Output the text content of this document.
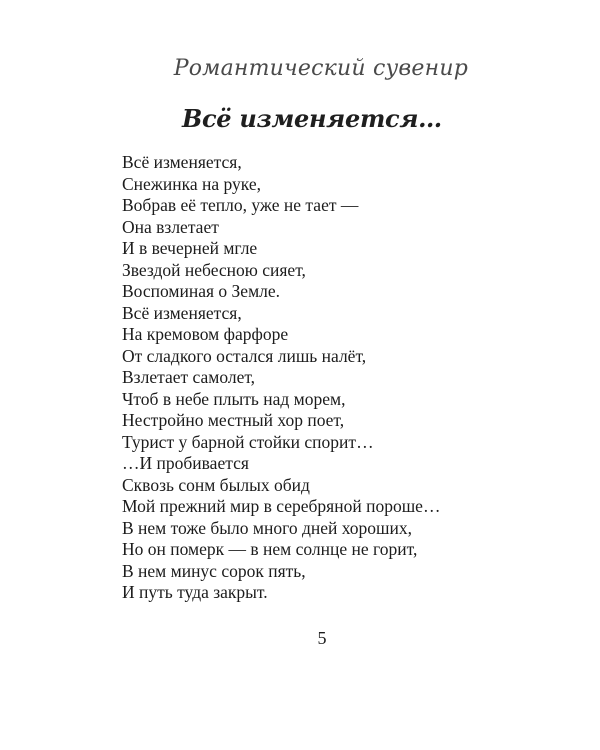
Романтический сувенир
Всё изменяется…
Всё изменяется,
Снежинка на руке,
Вобрав её тепло, уже не тает —
Она взлетает
И в вечерней мгле
Звездой небесною сияет,
Воспоминая о Земле.
Всё изменяется,
На кремовом фарфоре
От сладкого остался лишь налёт,
Взлетает самолет,
Чтоб в небе плыть над морем,
Нестройно местный хор поет,
Турист у барной стойки спорит…
…И пробивается
Сквозь сонм былых обид
Мой прежний мир в серебряной пороше…
В нем тоже было много дней хороших,
Но он померк — в нем солнце не горит,
В нем минус сорок пять,
И путь туда закрыт.
5
